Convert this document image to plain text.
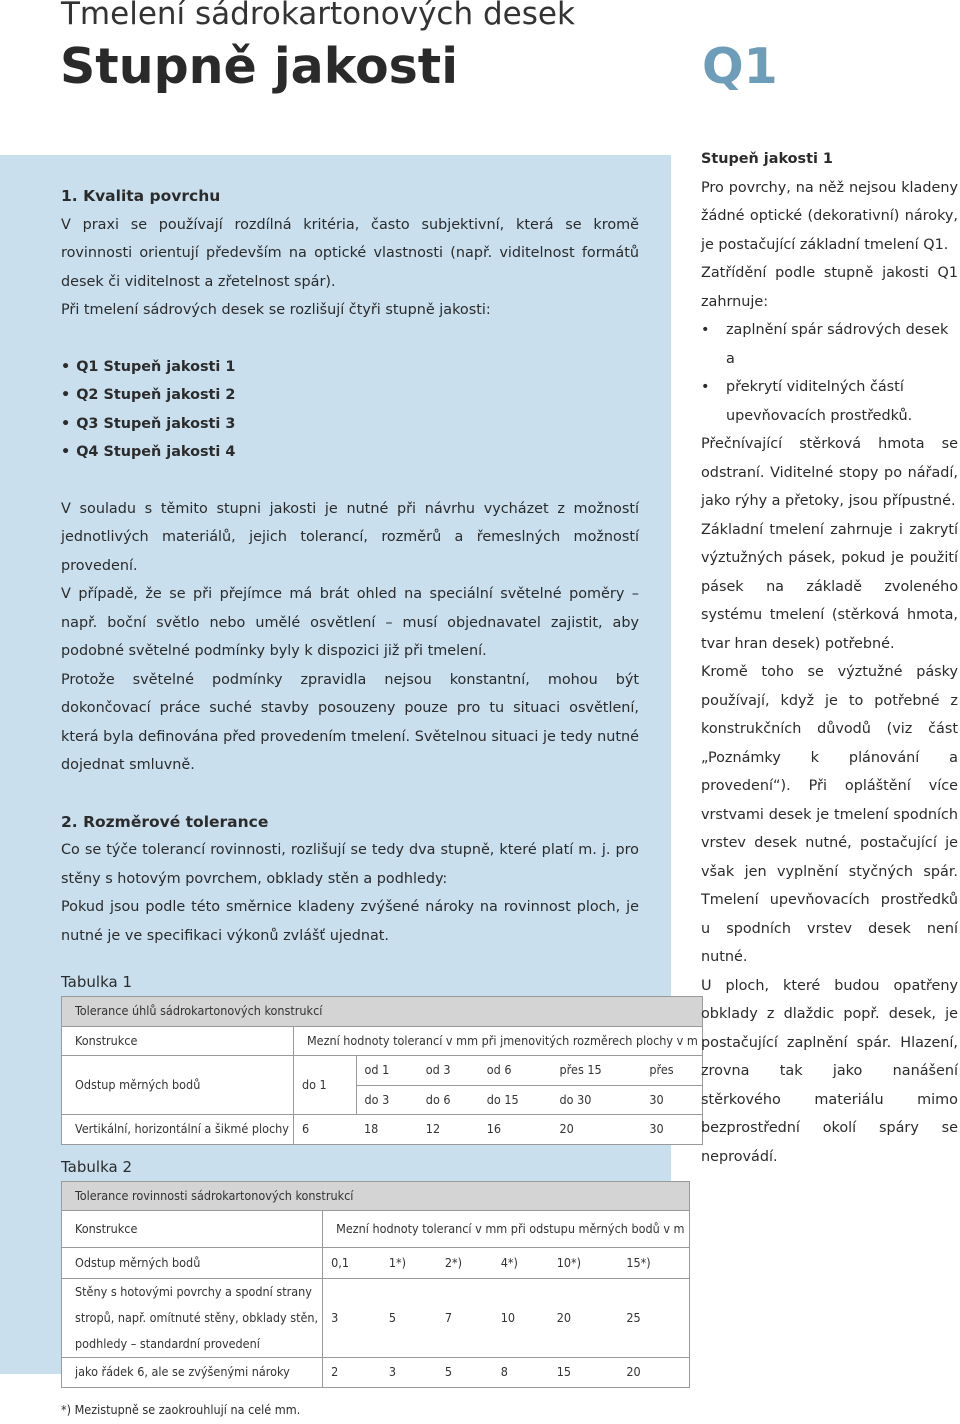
Tmelení sádrokartonových desek
Stupně jakosti	Q1

1. Kvalita povrchu

V praxi se používají rozdílná kritéria, často subjektivní, která se kromě rovinnosti orientují především na optické vlastnosti (např. viditelnost formátů desek či viditelnost a zřetelnost spár).

Při tmelení sádrových desek se rozlišují čtyři stupně jakosti:

• Q1 Stupeň jakosti 1
• Q2 Stupeň jakosti 2
• Q3 Stupeň jakosti 3
• Q4 Stupeň jakosti 4

V souladu s těmito stupni jakosti je nutné při návrhu vycházet z možností jednotlivých materiálů, jejich tolerancí, rozměrů a řemeslných možností provedení.

V případě, že se při přejímce má brát ohled na speciální světelné poměry – např. boční světlo nebo umělé osvětlení – musí objednavatel zajistit, aby podobné světelné podmínky byly k dispozici již při tmelení.

Protože světelné podmínky zpravidla nejsou konstantní, mohou být dokončovací práce suché stavby posouzeny pouze pro tu situaci osvětlení, která byla definována před provedením tmelení. Světelnou situaci je tedy nutné dojednat smluvně.

2. Rozměrové tolerance

Co se týče tolerancí rovinnosti, rozlišují se tedy dva stupně, které platí m. j. pro stěny s hotovým povrchem, obklady stěn a podhledy:

Pokud jsou podle této směrnice kladeny zvýšené nároky na rovinnost ploch, je nutné je ve specifikaci výkonů zvlášť ujednat.

Tabulka 1
Tolerance úhlů sádrokartonových konstrukcí						
Konstrukce	Mezní hodnoty tolerancí v mm při jmenovitých rozměrech plochy v m					
Odstup měrných bodů	do 1	od 1	od 3	od 6	přes 15	přes
		do 3	do 6	do 15	do 30	30
Vertikální, horizontální a šikmé plochy	6	18	12	16	20	30
Tabulka 2
Tolerance rovinnosti sádrokartonových konstrukcí						
Konstrukce	Mezní hodnoty tolerancí v mm při odstupu měrných bodů v m					
Odstup měrných bodů	0,1	1*)	2*)	4*)	10*)	15*)
Stěny s hotovými povrchy a spodní strany
stropů, např. omítnuté stěny, obklady stěn,
podhledy – standardní provedení	3	5	7	10	20	25
jako řádek 6, ale se zvýšenými nároky	2	3	5	8	15	20
*) Mezistupně se zaokrouhlují na celé mm.

Stupeň jakosti 1

Pro povrchy, na něž nejsou kladeny žádné optické (dekorativní) nároky, je postačující základní tmelení Q1.

Zatřídění podle stupně jakosti Q1 zahrnuje:

• zaplnění spár sádrových desek a
• překrytí viditelných částí upevňovacích prostředků.

Přečnívající stěrková hmota se odstraní. Viditelné stopy po nářadí, jako rýhy a přetoky, jsou přípustné.

Základní tmelení zahrnuje i zakrytí výztužných pásek, pokud je použití pásek na základě zvoleného systému tmelení (stěrková hmota, tvar hran desek) potřebné.

Kromě toho se výztužné pásky používají, když je to potřebné z konstrukčních důvodů (viz část „Poznámky k plánování a provedení“). Při opláštění více vrstvami desek je tmelení spodních vrstev desek nutné, postačující je však jen vyplnění styčných spár. Tmelení upevňovacích prostředků u spodních vrstev desek není nutné.

U ploch, které budou opatřeny obklady z dlaždic popř. desek, je postačující zaplnění spár. Hlazení, zrovna tak jako nanášení stěrkového materiálu mimo bezprostřední okolí spáry se neprovádí.
